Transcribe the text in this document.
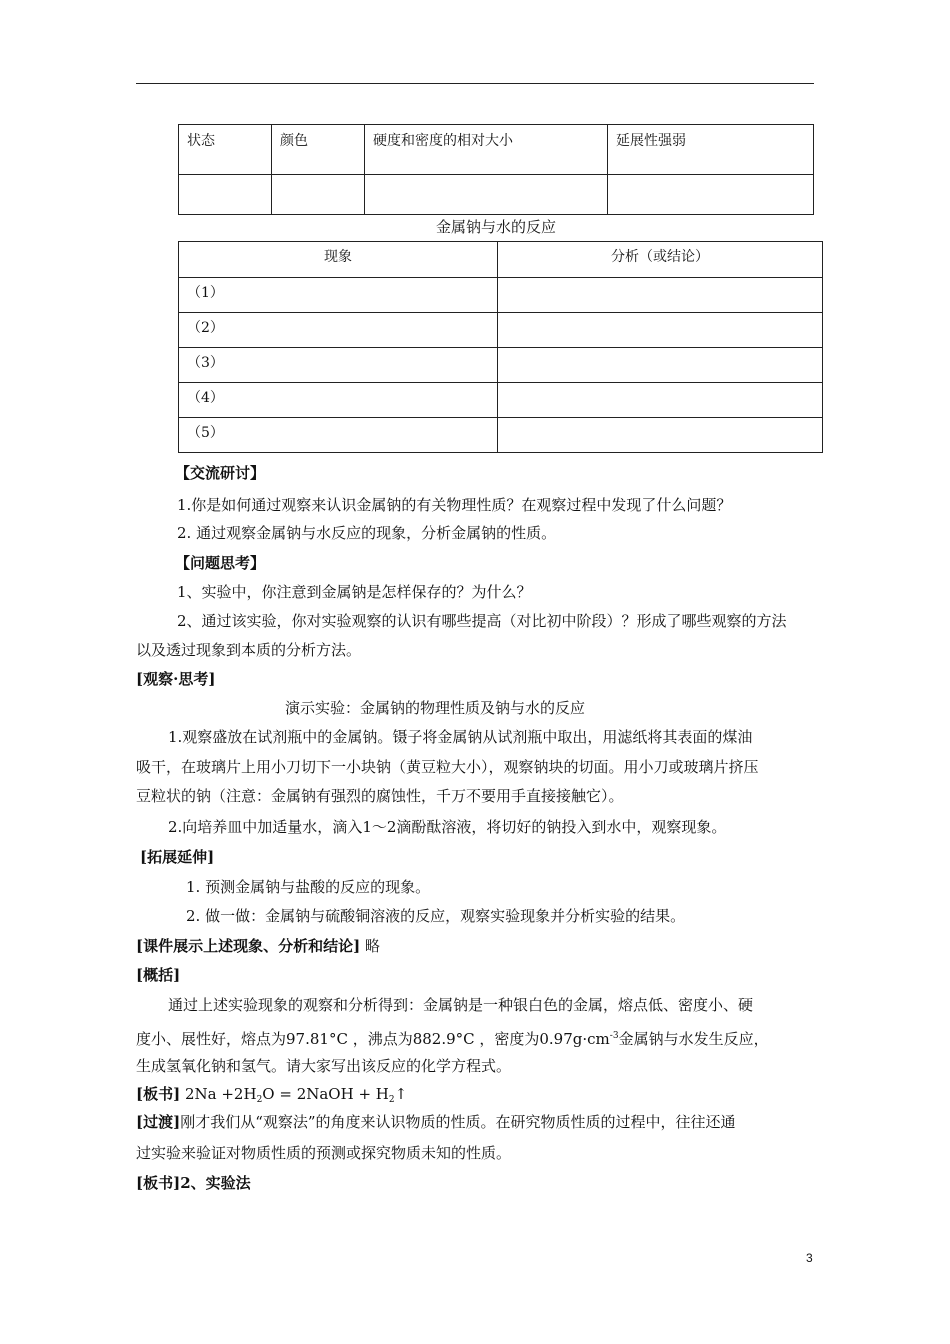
状态	颜色	硬度和密度的相对大小	延展性强弱

金属钠与水的反应
现象	分析（或结论）
（1）	
（2）	
（3）	
（4）	
（5）	
【交流研讨】
1.你是如何通过观察来认识金属钠的有关物理性质？在观察过程中发现了什么问题？
2. 通过观察金属钠与水反应的现象，分析金属钠的性质。
【问题思考】
1、实验中，你注意到金属钠是怎样保存的？为什么？
2、通过该实验，你对实验观察的认识有哪些提高（对比初中阶段）？形成了哪些观察的方法
以及透过现象到本质的分析方法。
[观察·思考]
演示实验：金属钠的物理性质及钠与水的反应
1.观察盛放在试剂瓶中的金属钠。镊子将金属钠从试剂瓶中取出，用滤纸将其表面的煤油
吸干，在玻璃片上用小刀切下一小块钠（黄豆粒大小），观察钠块的切面。用小刀或玻璃片挤压
豆粒状的钠（注意：金属钠有强烈的腐蚀性，千万不要用手直接接触它）。
2.向培养皿中加适量水，滴入1～2滴酚酞溶液，将切好的钠投入到水中，观察现象。
[拓展延伸]
1. 预测金属钠与盐酸的反应的现象。
2. 做一做：金属钠与硫酸铜溶液的反应，观察实验现象并分析实验的结果。
[课件展示上述现象、分析和结论] 略
[概括]
通过上述实验现象的观察和分析得到：金属钠是一种银白色的金属，熔点低、密度小、硬
度小、展性好，熔点为97.81°C ，沸点为882.9°C ，密度为$0.97g\cdot cm^{-3}$金属钠与水发生反应，
生成氢氧化钠和氢气。请大家写出该反应的化学方程式。
[板书] $2Na +2H_2O$ = 2NaOH + $H_2↑$
[过渡]刚才我们从“观察法”的角度来认识物质的性质。在研究物质性质的过程中，往往还通
过实验来验证对物质性质的预测或探究物质未知的性质。
[板书]2、实验法
3
